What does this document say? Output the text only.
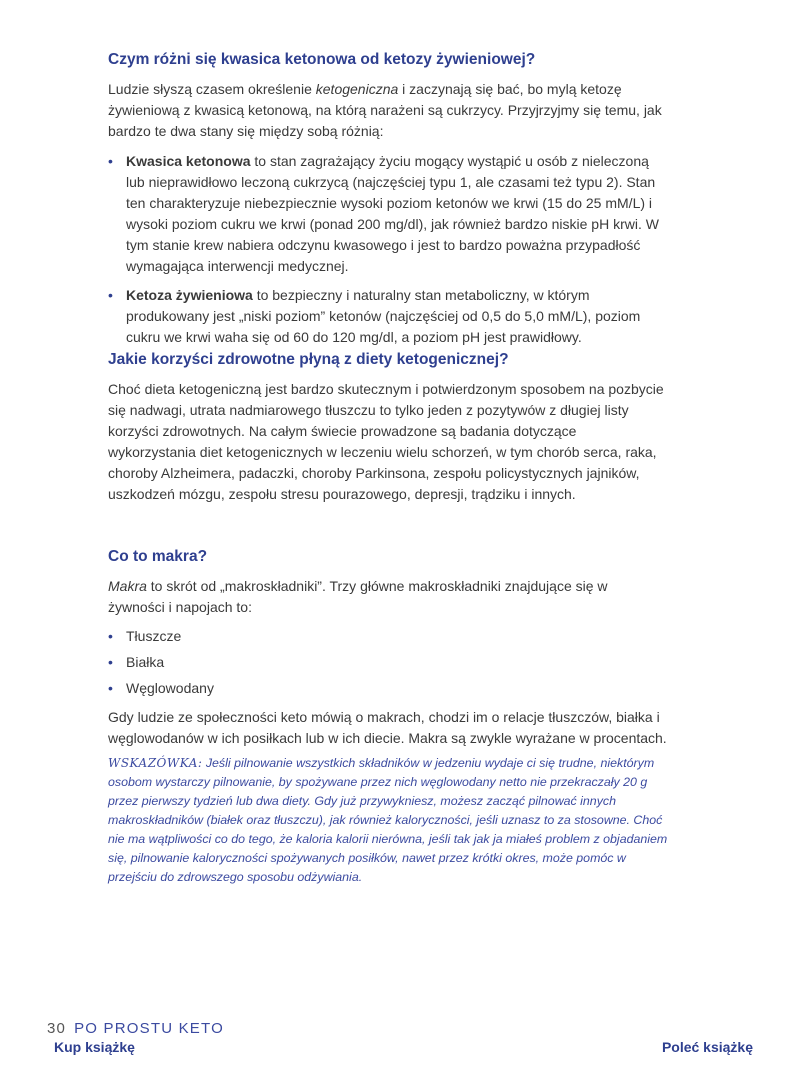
Czym różni się kwasica ketonowa od ketozy żywieniowej?

Ludzie słyszą czasem określenie ketogeniczna i zaczynają się bać, bo mylą ketozę żywieniową z kwasicą ketonową, na którą narażeni są cukrzycy. Przyjrzyjmy się temu, jak bardzo te dwa stany się między sobą różnią:

• Kwasica ketonowa to stan zagrażający życiu mogący wystąpić u osób z nieleczoną lub nieprawidłowo leczoną cukrzycą (najczęściej typu 1, ale czasami też typu 2). Stan ten charakteryzuje niebezpiecznie wysoki poziom ketonów we krwi (15 do 25 mM/L) i wysoki poziom cukru we krwi (ponad 200 mg/dl), jak również bardzo niskie pH krwi. W tym stanie krew nabiera odczynu kwasowego i jest to bardzo poważna przypadłość wymagająca interwencji medycznej.
• Ketoza żywieniowa to bezpieczny i naturalny stan metaboliczny, w którym produkowany jest „niski poziom” ketonów (najczęściej od 0,5 do 5,0 mM/L), poziom cukru we krwi waha się od 60 do 120 mg/dl, a poziom pH jest prawidłowy.
Jakie korzyści zdrowotne płyną z diety ketogenicznej?

Choć dieta ketogeniczną jest bardzo skutecznym i potwierdzonym sposobem na pozbycie się nadwagi, utrata nadmiarowego tłuszczu to tylko jeden z pozytywów z długiej listy korzyści zdrowotnych. Na całym świecie prowadzone są badania dotyczące wykorzystania diet ketogenicznych w leczeniu wielu schorzeń, w tym chorób serca, raka, choroby Alzheimera, padaczki, choroby Parkinsona, zespołu policystycznych jajników, uszkodzeń mózgu, zespołu stresu pourazowego, depresji, trądziku i innych.

Co to makra?

Makra to skrót od „makroskładniki”. Trzy główne makroskładniki znajdujące się w żywności i napojach to:

• Tłuszcze
• Białka
• Węglowodany

Gdy ludzie ze społeczności keto mówią o makrach, chodzi im o relacje tłuszczów, białka i węglowodanów w ich posiłkach lub w ich diecie. Makra są zwykle wyrażane w procentach.

WSKAZÓWKA: Jeśli pilnowanie wszystkich składników w jedzeniu wydaje ci się trudne, niektórym osobom wystarczy pilnowanie, by spożywane przez nich węglowodany netto nie przekraczały 20 g przez pierwszy tydzień lub dwa diety. Gdy już przywykniesz, możesz zacząć pilnować innych makroskładników (białek oraz tłuszczu), jak również kaloryczności, jeśli uznasz to za stosowne. Choć nie ma wątpliwości co do tego, że kaloria kalorii nierówna, jeśli tak jak ja miałeś problem z objadaniem się, pilnowanie kaloryczności spożywanych posiłków, nawet przez krótki okres, może pomóc w przejściu do zdrowszego sposobu odżywiania.

30 PO PROSTU KETO
Kup książkę	Poleć książkę
